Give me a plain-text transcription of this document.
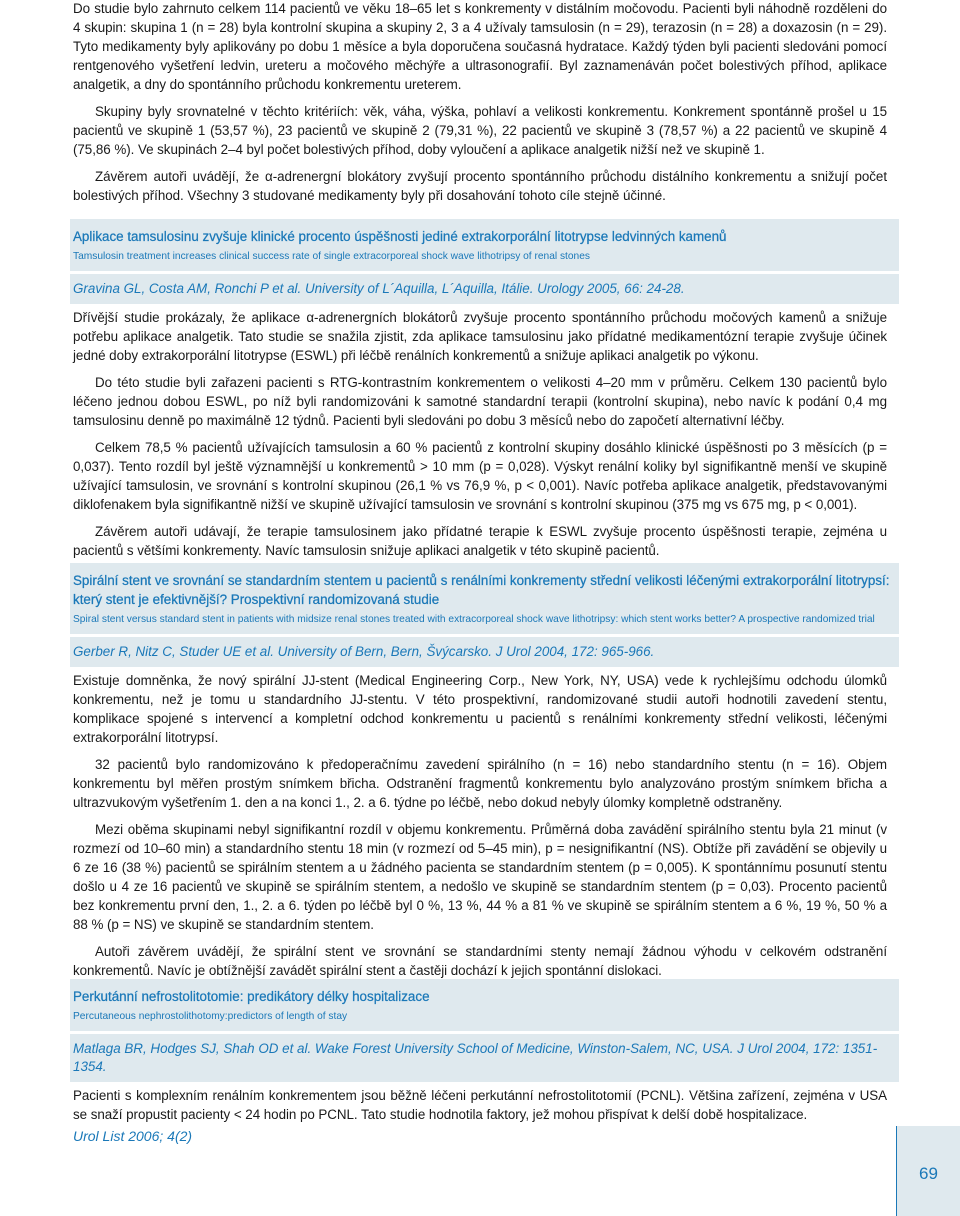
Do studie bylo zahrnuto celkem 114 pacientů ve věku 18–65 let s konkrementy v distálním močovodu. Pacienti byli náhodně rozděleni do 4 skupin: skupina 1 (n = 28) byla kontrolní skupina a skupiny 2, 3 a 4 užívaly tamsulosin (n = 29), terazosin (n = 28) a doxazosin (n = 29). Tyto medikamenty byly aplikovány po dobu 1 měsíce a byla doporučena současná hydratace. Každý týden byli pacienti sledováni pomocí rentgenového vyšetření ledvin, ureteru a močového měchýře a ultrasonografií. Byl zaznamenáván počet bolestivých příhod, aplikace analgetik, a dny do spontánního průchodu konkrementu ureterem.

Skupiny byly srovnatelné v těchto kritériích: věk, váha, výška, pohlaví a velikosti konkrementu. Konkrement spontánně prošel u 15 pacientů ve skupině 1 (53,57 %), 23 pacientů ve skupině 2 (79,31 %), 22 pacientů ve skupině 3 (78,57 %) a 22 pacientů ve skupině 4 (75,86 %). Ve skupinách 2–4 byl počet bolestivých příhod, doby vyloučení a aplikace analgetik nižší než ve skupině 1.

Závěrem autoři uvádějí, že α-adrenergní blokátory zvyšují procento spontánního průchodu distálního konkrementu a snižují počet bolestivých příhod. Všechny 3 studované medikamenty byly při dosahování tohoto cíle stejně účinné.

Aplikace tamsulosinu zvyšuje klinické procento úspěšnosti jediné extrakorporální litotrypse ledvinných kamenů
Tamsulosin treatment increases clinical success rate of single extracorporeal shock wave lithotripsy of renal stones
Gravina GL, Costa AM, Ronchi P et al. University of L´Aquilla, L´Aquilla, Itálie. Urology 2005, 66: 24-28.

Dřívější studie prokázaly, že aplikace α-adrenergních blokátorů zvyšuje procento spontánního průchodu močových kamenů a snižuje potřebu aplikace analgetik. Tato studie se snažila zjistit, zda aplikace tamsulosinu jako přídatné medikamentózní terapie zvyšuje účinek jedné doby extrakorporální litotrypse (ESWL) při léčbě renálních konkrementů a snižuje aplikaci analgetik po výkonu.

Do této studie byli zařazeni pacienti s RTG-kontrastním konkrementem o velikosti 4–20 mm v průměru. Celkem 130 pacientů bylo léčeno jednou dobou ESWL, po níž byli randomizováni k samotné standardní terapii (kontrolní skupina), nebo navíc k podání 0,4 mg tamsulosinu denně po maximálně 12 týdnů. Pacienti byli sledováni po dobu 3 měsíců nebo do započetí alternativní léčby.

Celkem 78,5 % pacientů užívajících tamsulosin a 60 % pacientů z kontrolní skupiny dosáhlo klinické úspěšnosti po 3 měsících (p = 0,037). Tento rozdíl byl ještě významnější u konkrementů > 10 mm (p = 0,028). Výskyt renální koliky byl signifikantně menší ve skupině užívající tamsulosin, ve srovnání s kontrolní skupinou (26,1 % vs 76,9 %, p < 0,001). Navíc potřeba aplikace analgetik, představovanými diklofenakem byla signifikantně nižší ve skupině užívající tamsulosin ve srovnání s kontrolní skupinou (375 mg vs 675 mg, p < 0,001).

Závěrem autoři udávají, že terapie tamsulosinem jako přídatné terapie k ESWL zvyšuje procento úspěšnosti terapie, zejména u pacientů s většími konkrementy. Navíc tamsulosin snižuje aplikaci analgetik v této skupině pacientů.

Spirální stent ve srovnání se standardním stentem u pacientů s renálními konkrementy střední velikosti léčenými extrakorporální litotrypsí: který stent je efektivnější? Prospektivní randomizovaná studie
Spiral stent versus standard stent in patients with midsize renal stones treated with extracorporeal shock wave lithotripsy: which stent works better? A prospective randomized trial
Gerber R, Nitz C, Studer UE et al. University of Bern, Bern, Švýcarsko. J Urol 2004, 172: 965-966.

Existuje domněnka, že nový spirální JJ-stent (Medical Engineering Corp., New York, NY, USA) vede k rychlejšímu odchodu úlomků konkrementu, než je tomu u standardního JJ-stentu. V této prospektivní, randomizované studii autoři hodnotili zavedení stentu, komplikace spojené s intervencí a kompletní odchod konkrementu u pacientů s renálními konkrementy střední velikosti, léčenými extrakorporální litotrypsí.

32 pacientů bylo randomizováno k předoperačnímu zavedení spirálního (n = 16) nebo standardního stentu (n = 16). Objem konkrementu byl měřen prostým snímkem břicha. Odstranění fragmentů konkrementu bylo analyzováno prostým snímkem břicha a ultrazvukovým vyšetřením 1. den a na konci 1., 2. a 6. týdne po léčbě, nebo dokud nebyly úlomky kompletně odstraněny.

Mezi oběma skupinami nebyl signifikantní rozdíl v objemu konkrementu. Průměrná doba zavádění spirálního stentu byla 21 minut (v rozmezí od 10–60 min) a standardního stentu 18 min (v rozmezí od 5–45 min), p = nesignifikantní (NS). Obtíže při zavádění se objevily u 6 ze 16 (38 %) pacientů se spirálním stentem a u žádného pacienta se standardním stentem (p = 0,005). K spontánnímu posunutí stentu došlo u 4 ze 16 pacientů ve skupině se spirálním stentem, a nedošlo ve skupině se standardním stentem (p = 0,03). Procento pacientů bez konkrementu první den, 1., 2. a 6. týden po léčbě byl 0 %, 13 %, 44 % a 81 % ve skupině se spirálním stentem a 6 %, 19 %, 50 % a 88 % (p = NS) ve skupině se standardním stentem.

Autoři závěrem uvádějí, že spirální stent ve srovnání se standardními stenty nemají žádnou výhodu v celkovém odstranění konkrementů. Navíc je obtížnější zavádět spirální stent a častěji dochází k jejich spontánní dislokaci.

Perkutánní nefrostolitotomie: predikátory délky hospitalizace
Percutaneous nephrostolithotomy:predictors of length of stay
Matlaga BR, Hodges SJ, Shah OD et al. Wake Forest University School of Medicine, Winston-Salem, NC, USA. J Urol 2004, 172: 1351-1354.

Pacienti s komplexním renálním konkrementem jsou běžně léčeni perkutánní nefrostolitotomií (PCNL). Většina zařízení, zejména v USA se snaží propustit pacienty < 24 hodin po PCNL. Tato studie hodnotila faktory, jež mohou přispívat k delší době hospitalizace.

Urol List 2006; 4(2)
69
